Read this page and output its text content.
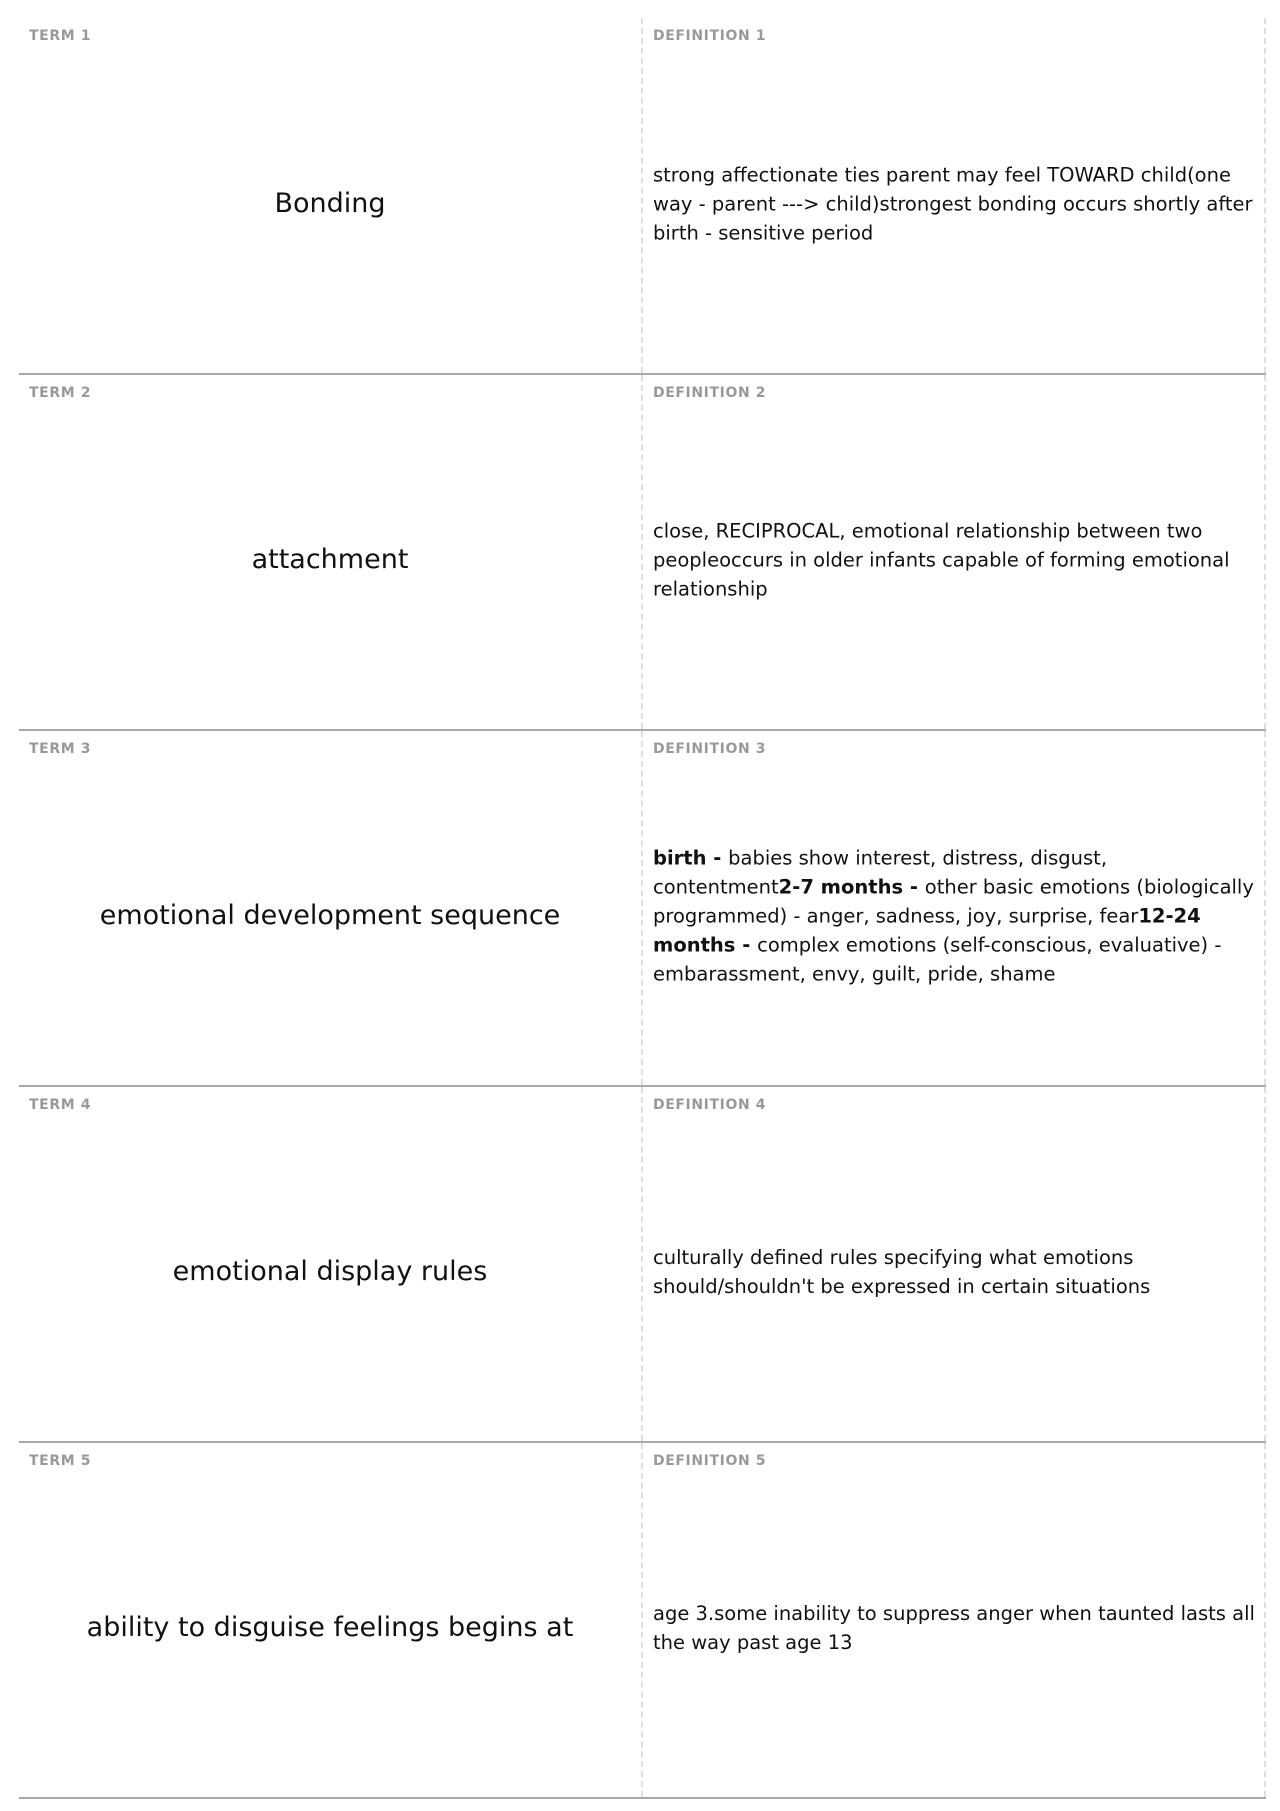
TERM 1
Bonding
DEFINITION 1
strong affectionate ties parent may feel TOWARD child(one way - parent ---> child)strongest bonding occurs shortly after birth - sensitive period
TERM 2
attachment
DEFINITION 2
close, RECIPROCAL, emotional relationship between two peopleoccurs in older infants capable of forming emotional relationship
TERM 3
emotional development sequence
DEFINITION 3
birth - babies show interest, distress, disgust, contentment2-7 months - other basic emotions (biologically programmed) - anger, sadness, joy, surprise, fear12-24 months - complex emotions (self-conscious, evaluative) - embarassment, envy, guilt, pride, shame
TERM 4
emotional display rules
DEFINITION 4
culturally defined rules specifying what emotions should/shouldn't be expressed in certain situations
TERM 5
ability to disguise feelings begins at
DEFINITION 5
age 3.some inability to suppress anger when taunted lasts all the way past age 13
